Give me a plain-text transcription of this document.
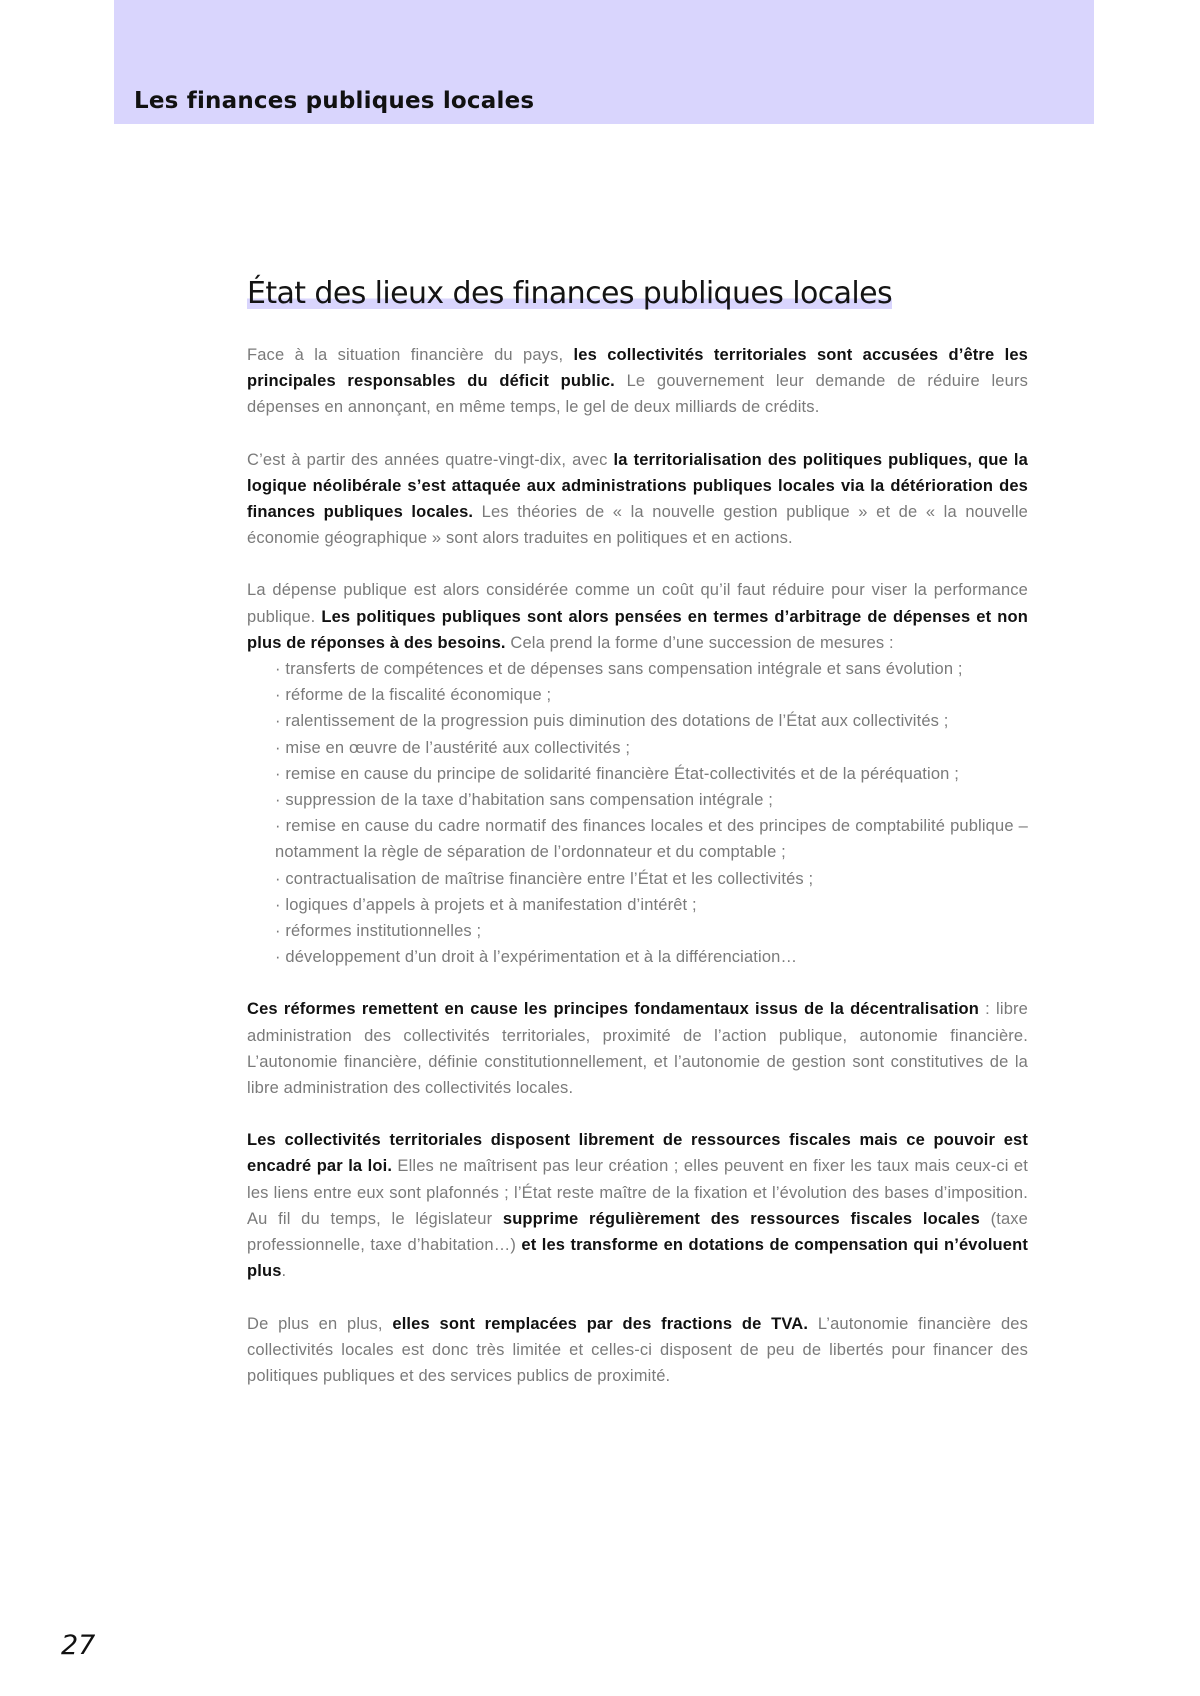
Les finances publiques locales
État des lieux des finances publiques locales

Face à la situation financière du pays, les collectivités territoriales sont accusées d’être les principales responsables du déficit public. Le gouvernement leur demande de réduire leurs dépenses en annonçant, en même temps, le gel de deux milliards de crédits.

C’est à partir des années quatre-vingt-dix, avec la territorialisation des politiques publiques, que la logique néolibérale s’est attaquée aux administrations publiques locales via la détérioration des finances publiques locales. Les théories de « la nouvelle gestion publique » et de « la nouvelle économie géographique » sont alors traduites en politiques et en actions.

La dépense publique est alors considérée comme un coût qu’il faut réduire pour viser la performance publique. Les politiques publiques sont alors pensées en termes d’arbitrage de dépenses et non plus de réponses à des besoins. Cela prend la forme d’une succession de mesures :

· transferts de compétences et de dépenses sans compensation intégrale et sans évolution ;
· réforme de la fiscalité économique ;
· ralentissement de la progression puis diminution des dotations de l’État aux collectivités ;
· mise en œuvre de l’austérité aux collectivités ;
· remise en cause du principe de solidarité financière État-collectivités et de la péréquation ;
· suppression de la taxe d’habitation sans compensation intégrale ;
· remise en cause du cadre normatif des finances locales et des principes de comptabilité publique – notamment la règle de séparation de l’ordonnateur et du comptable ;
· contractualisation de maîtrise financière entre l’État et les collectivités ;
· logiques d’appels à projets et à manifestation d’intérêt ;
· réformes institutionnelles ;
· développement d’un droit à l’expérimentation et à la différenciation…

Ces réformes remettent en cause les principes fondamentaux issus de la décentralisation : libre administration des collectivités territoriales, proximité de l’action publique, autonomie financière. L’autonomie financière, définie constitutionnellement, et l’autonomie de gestion sont constitutives de la libre administration des collectivités locales.

Les collectivités territoriales disposent librement de ressources fiscales mais ce pouvoir est encadré par la loi. Elles ne maîtrisent pas leur création ; elles peuvent en fixer les taux mais ceux-ci et les liens entre eux sont plafonnés ; l’État reste maître de la fixation et l’évolution des bases d’imposition. Au fil du temps, le législateur supprime régulièrement des ressources fiscales locales (taxe professionnelle, taxe d’habitation…) et les transforme en dotations de compensation qui n’évoluent plus.

De plus en plus, elles sont remplacées par des fractions de TVA. L’autonomie financière des collectivités locales est donc très limitée et celles-ci disposent de peu de libertés pour financer des politiques publiques et des services publics de proximité.

27
